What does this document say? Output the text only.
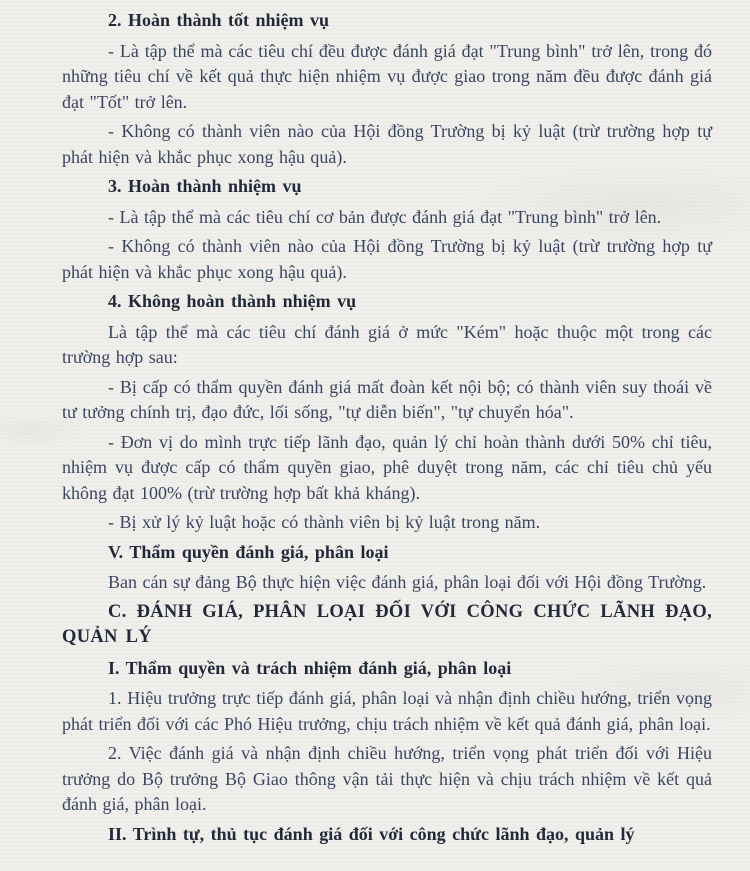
2. Hoàn thành tốt nhiệm vụ

- Là tập thể mà các tiêu chí đều được đánh giá đạt "Trung bình" trở lên, trong đó những tiêu chí về kết quả thực hiện nhiệm vụ được giao trong năm đều được đánh giá đạt "Tốt" trở lên.

- Không có thành viên nào của Hội đồng Trường bị kỷ luật (trừ trường hợp tự phát hiện và khắc phục xong hậu quả).

3. Hoàn thành nhiệm vụ

- Là tập thể mà các tiêu chí cơ bản được đánh giá đạt "Trung bình" trở lên.

- Không có thành viên nào của Hội đồng Trường bị kỷ luật (trừ trường hợp tự phát hiện và khắc phục xong hậu quả).

4. Không hoàn thành nhiệm vụ

Là tập thể mà các tiêu chí đánh giá ở mức "Kém" hoặc thuộc một trong các trường hợp sau:

- Bị cấp có thẩm quyền đánh giá mất đoàn kết nội bộ; có thành viên suy thoái về tư tưởng chính trị, đạo đức, lối sống, "tự diễn biến", "tự chuyển hóa".

- Đơn vị do mình trực tiếp lãnh đạo, quản lý chỉ hoàn thành dưới 50% chỉ tiêu, nhiệm vụ được cấp có thẩm quyền giao, phê duyệt trong năm, các chỉ tiêu chủ yếu không đạt 100% (trừ trường hợp bất khả kháng).

- Bị xử lý kỷ luật hoặc có thành viên bị kỷ luật trong năm.

V. Thẩm quyền đánh giá, phân loại

Ban cán sự đảng Bộ thực hiện việc đánh giá, phân loại đối với Hội đồng Trường.

C. ĐÁNH GIÁ, PHÂN LOẠI ĐỐI VỚI CÔNG CHỨC LÃNH ĐẠO, QUẢN LÝ

I. Thẩm quyền và trách nhiệm đánh giá, phân loại

1. Hiệu trưởng trực tiếp đánh giá, phân loại và nhận định chiều hướng, triển vọng phát triển đối với các Phó Hiệu trưởng, chịu trách nhiệm về kết quả đánh giá, phân loại.

2. Việc đánh giá và nhận định chiều hướng, triển vọng phát triển đối với Hiệu trưởng do Bộ trưởng Bộ Giao thông vận tải thực hiện và chịu trách nhiệm về kết quả đánh giá, phân loại.

II. Trình tự, thủ tục đánh giá đối với công chức lãnh đạo, quản lý
